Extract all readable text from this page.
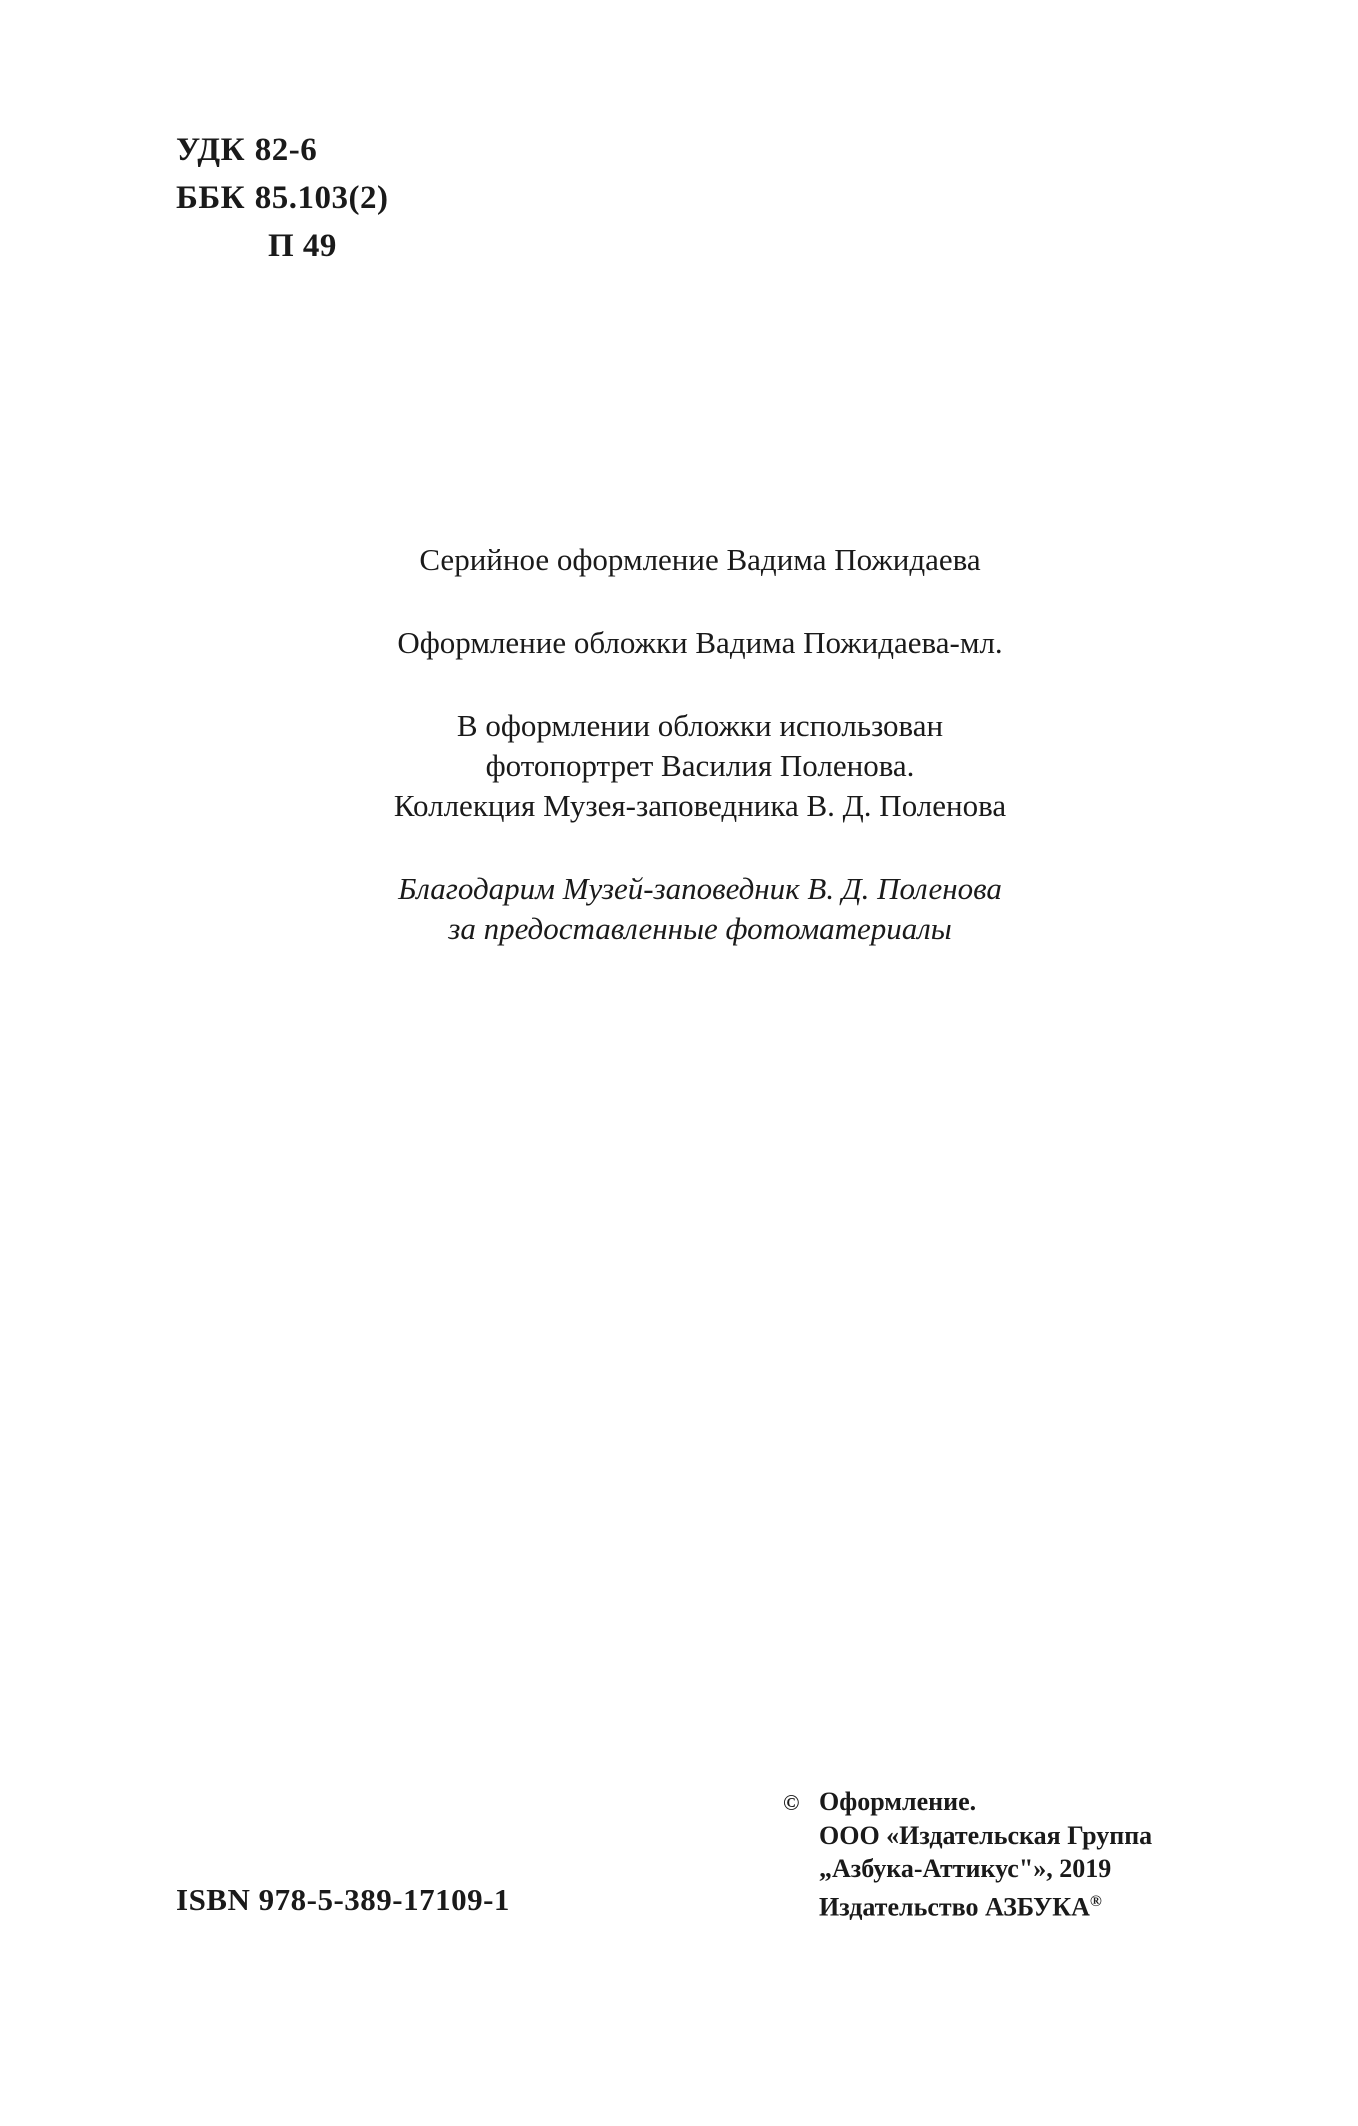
УДК 82-6
ББК 85.103(2)
П 49

Серийное оформление Вадима Пожидаева

Оформление обложки Вадима Пожидаева-мл.

В оформлении обложки использован

фотопортрет Василия Поленова.

Коллекция Музея-заповедника В. Д. Поленова

Благодарим Музей-заповедник В. Д. Поленова

за предоставленные фотоматериалы

ISBN 978-5-389-17109-1
© Оформление.
ООО «Издательская Группа
„Азбука-Аттикус"», 2019
Издательство АЗБУКА®
